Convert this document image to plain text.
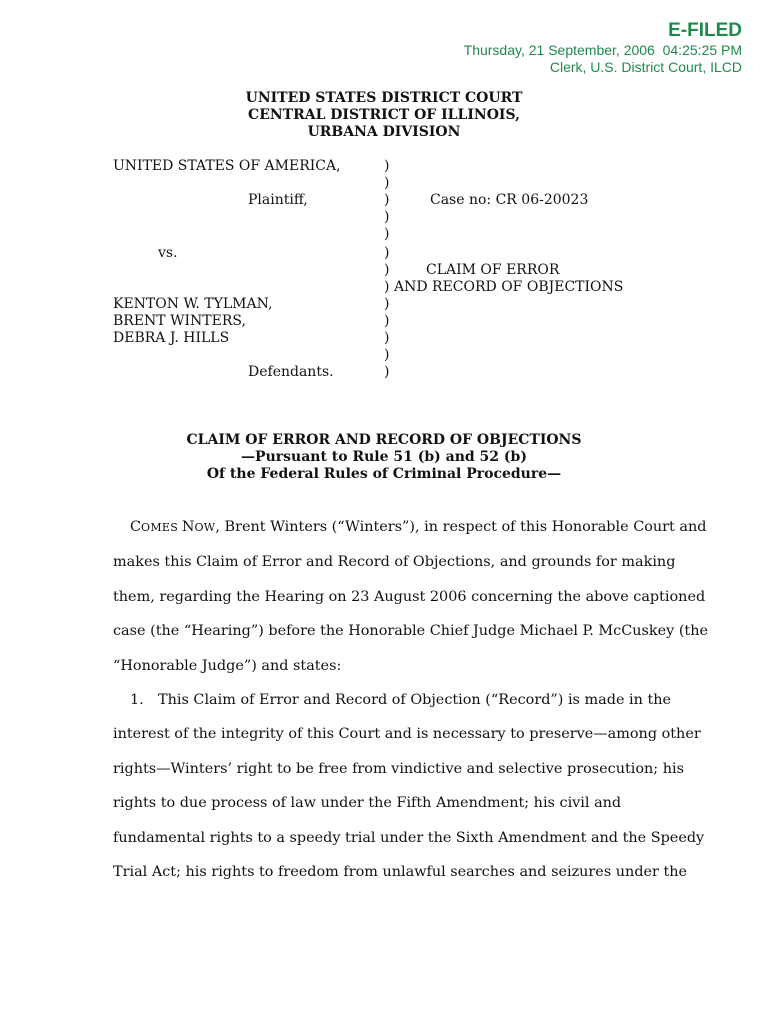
E-FILED
Thursday, 21 September, 2006  04:25:25 PM
Clerk, U.S. District Court, ILCD
UNITED STATES DISTRICT COURT
CENTRAL DISTRICT OF ILLINOIS,
URBANA DIVISION
UNITED STATES OF AMERICA,
Plaintiff,
vs.
KENTON W. TYLMAN,
BRENT WINTERS,
DEBRA J. HILLS
Defendants.
)
)
)
)
)
)
)
)
)
)
)
)
)
Case no: CR 06-20023
CLAIM OF ERROR
AND RECORD OF OBJECTIONS
CLAIM OF ERROR AND RECORD OF OBJECTIONS
—Pursuant to Rule 51 (b) and 52 (b)
Of the Federal Rules of Criminal Procedure—

COMES NOW, Brent Winters (“Winters”), in respect of this Honorable Court and
makes this Claim of Error and Record of Objections, and grounds for making
them, regarding the Hearing on 23 August 2006 concerning the above captioned
case (the “Hearing”) before the Honorable Chief Judge Michael P. McCuskey (the
“Honorable Judge”) and states:

1. This Claim of Error and Record of Objection (“Record”) is made in the
interest of the integrity of this Court and is necessary to preserve—among other
rights—Winters’ right to be free from vindictive and selective prosecution; his
rights to due process of law under the Fifth Amendment; his civil and
fundamental rights to a speedy trial under the Sixth Amendment and the Speedy
Trial Act; his rights to freedom from unlawful searches and seizures under the
